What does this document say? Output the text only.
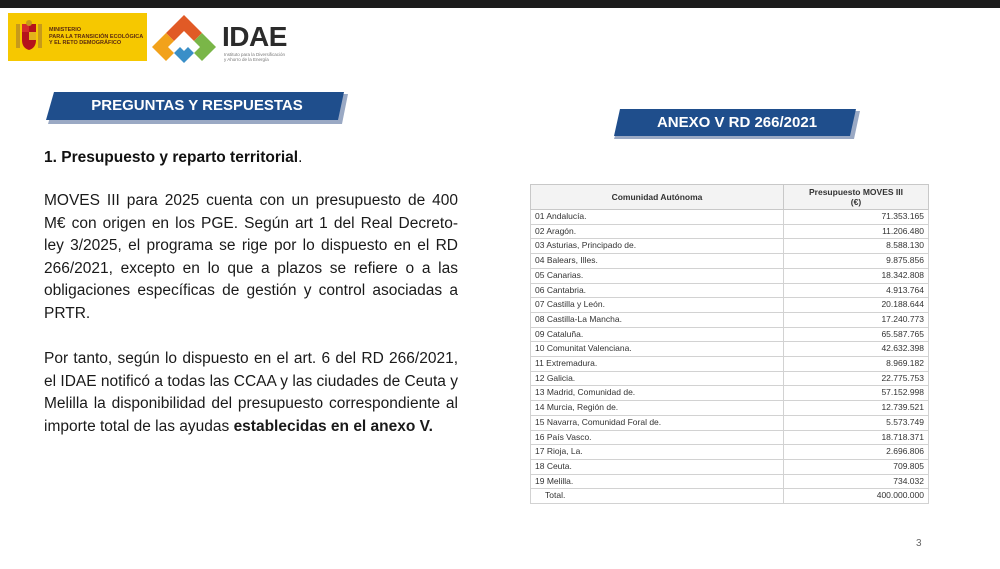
MINISTERIO
PARA LA TRANSICIÓN ECOLÓGICA
Y EL RETO DEMOGRÁFICO	IDAE
Instituto para la Diversificación
y Ahorro de la Energía
PREGUNTAS Y RESPUESTAS
ANEXO V RD 266/2021
1. Presupuesto y reparto territorial.
MOVES III para 2025 cuenta con un presupuesto de 400 M€ con origen en los PGE. Según art 1 del Real Decreto-ley 3/2025, el programa se rige por lo dispuesto en el RD 266/2021, excepto en lo que a plazos se refiere o a las obligaciones específicas de gestión y control asociadas a PRTR.
Por tanto, según lo dispuesto en el art. 6 del RD 266/2021, el IDAE notificó a todas las CCAA y las ciudades de Ceuta y Melilla la disponibilidad del presupuesto correspondiente al importe total de las ayudas establecidas en el anexo V.
Comunidad Autónoma	Presupuesto MOVES III
(€)
01 Andalucía.	71.353.165
02 Aragón.	11.206.480
03 Asturias, Principado de.	8.588.130
04 Balears, Illes.	9.875.856
05 Canarias.	18.342.808
06 Cantabria.	4.913.764
07 Castilla y León.	20.188.644
08 Castilla-La Mancha.	17.240.773
09 Cataluña.	65.587.765
10 Comunitat Valenciana.	42.632.398
11 Extremadura.	8.969.182
12 Galicia.	22.775.753
13 Madrid, Comunidad de.	57.152.998
14 Murcia, Región de.	12.739.521
15 Navarra, Comunidad Foral de.	5.573.749
16 País Vasco.	18.718.371
17 Rioja, La.	2.696.806
18 Ceuta.	709.805
19 Melilla.	734.032
Total.	400.000.000
3
